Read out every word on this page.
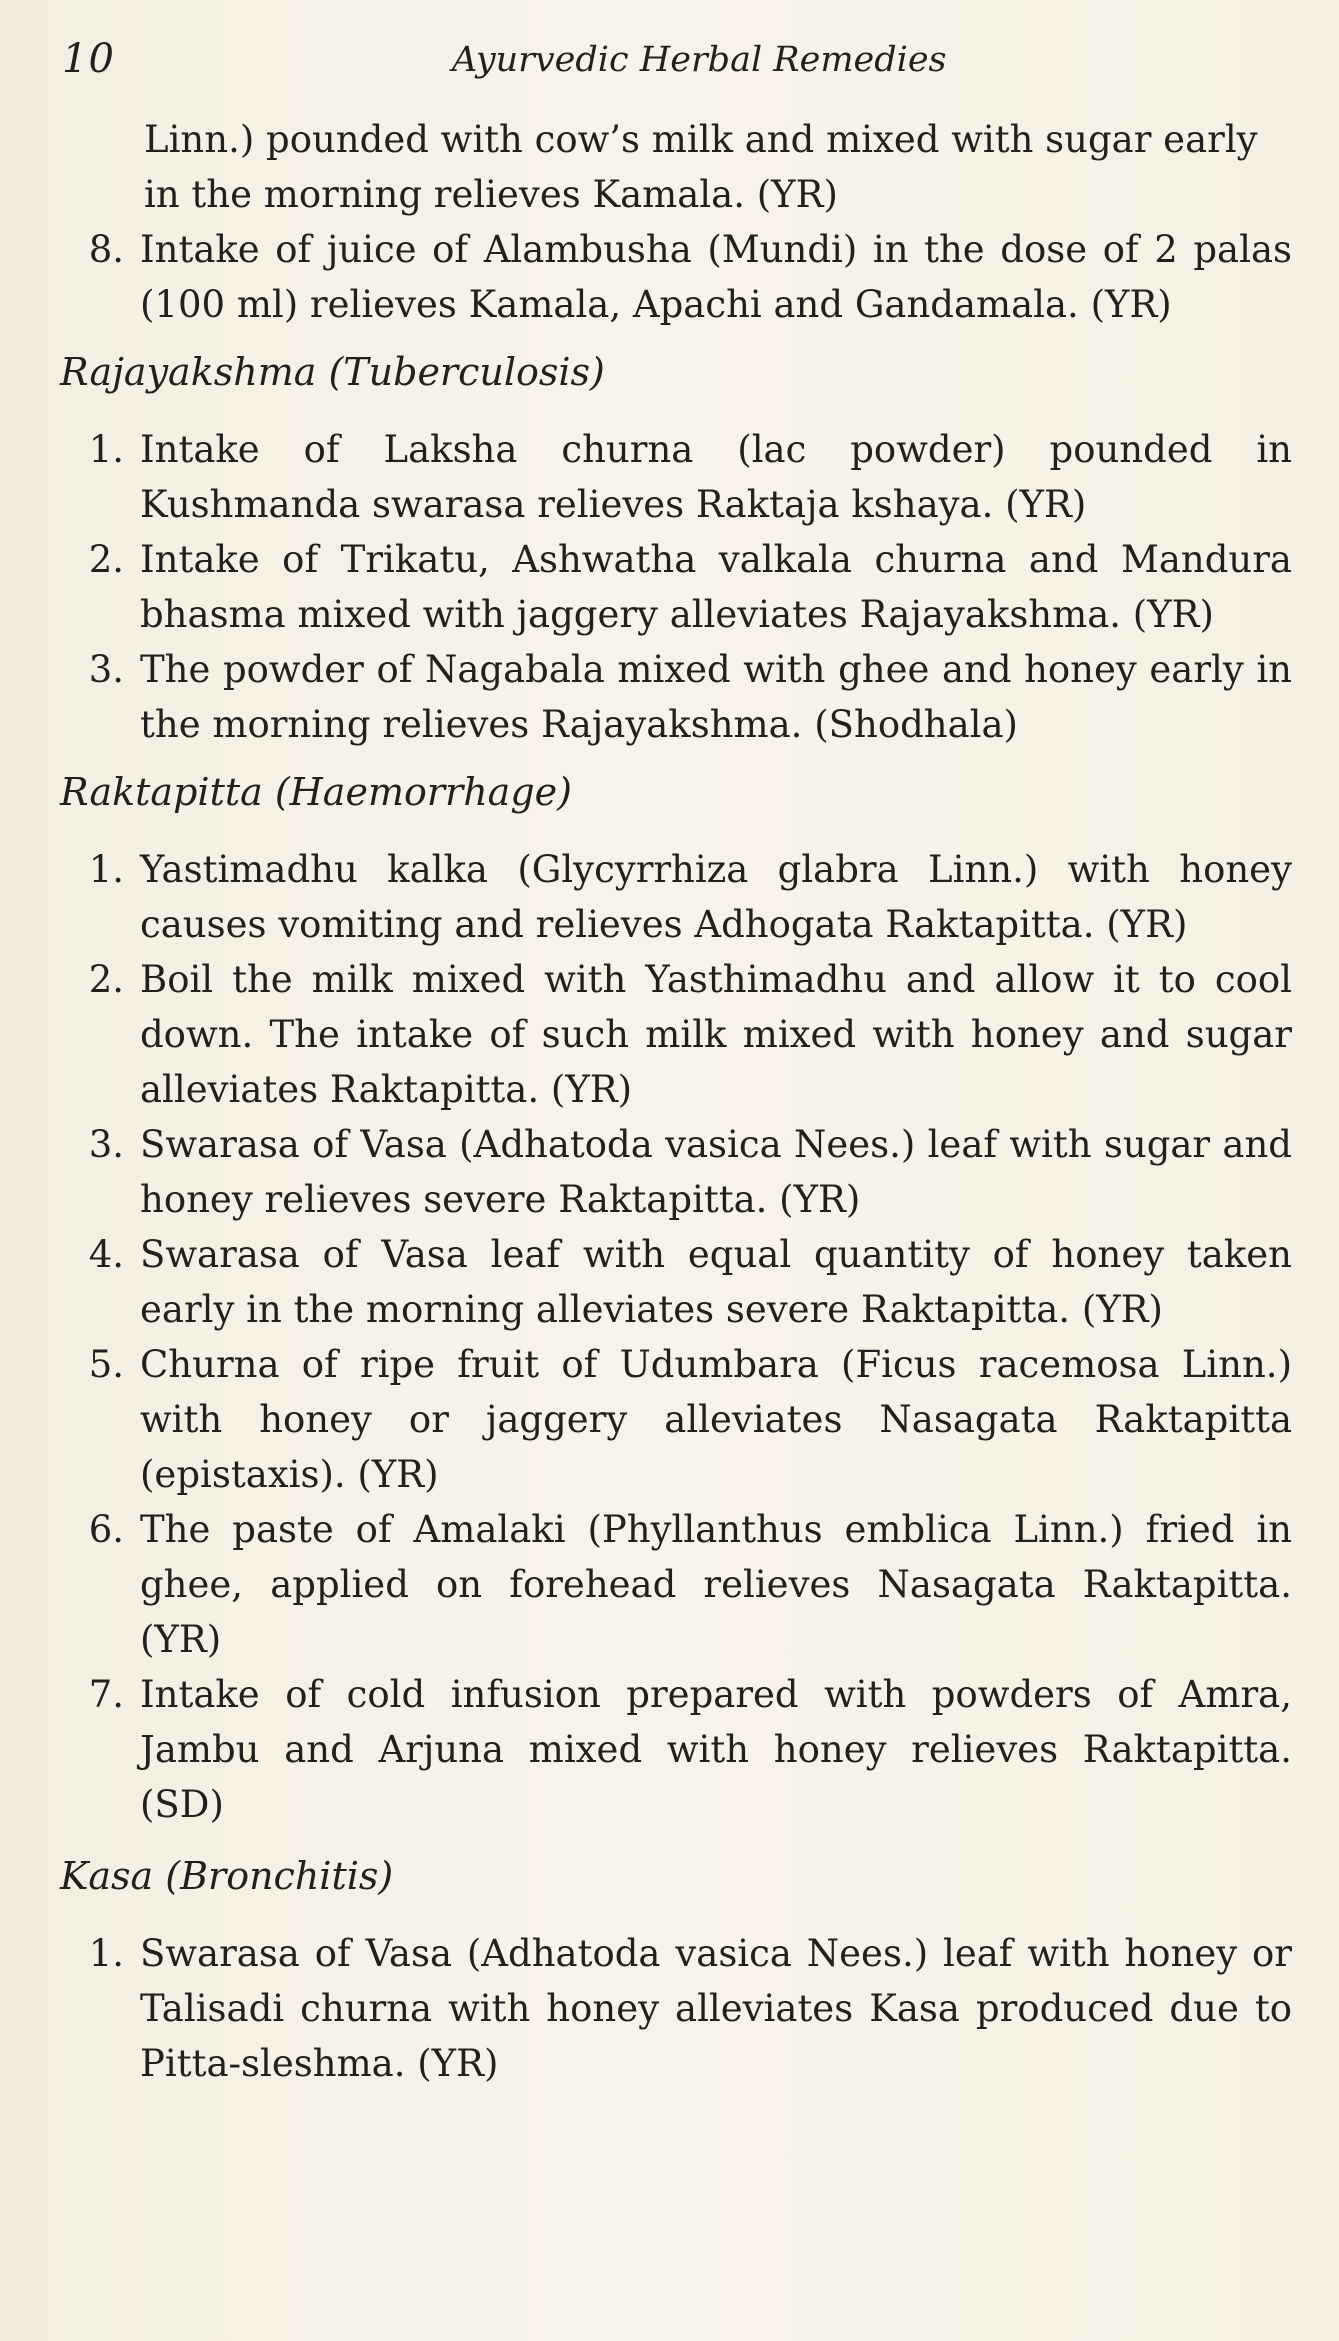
10	Ayurvedic Herbal Remedies

Linn.) pounded with cow’s milk and mixed with sugar early in the morning relieves Kamala. (YR)

8 . Intake of juice of Alambusha (Mundi) in the dose of 2 palas (100 ml) relieves Kamala, Apachi and Gandamala. (YR)

Rajayakshma (Tuberculosis)

1 . Intake of Laksha churna (lac powder) pounded in Kushmanda swarasa relieves Raktaja kshaya. (YR)

2 . Intake of Trikatu, Ashwatha valkala churna and Mandura bhasma mixed with jaggery alleviates Rajayakshma. (YR)

3 . The powder of Nagabala mixed with ghee and honey early in the morning relieves Rajayakshma. (Shodhala)

Raktapitta (Haemorrhage)

1 . Yastimadhu kalka (Glycyrrhiza glabra Linn.) with honey causes vomiting and relieves Adhogata Raktapitta. (YR)

2 . Boil the milk mixed with Yasthimadhu and allow it to cool down. The intake of such milk mixed with honey and sugar alleviates Raktapitta. (YR)

3 . Swarasa of Vasa (Adhatoda vasica Nees.) leaf with sugar and honey relieves severe Raktapitta. (YR)

4 . Swarasa of Vasa leaf with equal quantity of honey taken early in the morning alleviates severe Raktapitta. (YR)

5 . Churna of ripe fruit of Udumbara (Ficus racemosa Linn.) with honey or jaggery alleviates Nasagata Raktapitta (epistaxis). (YR)

6 . The paste of Amalaki (Phyllanthus emblica Linn.) fried in ghee, applied on forehead relieves Nasagata Raktapitta. (YR)

7 . Intake of cold infusion prepared with powders of Amra, Jambu and Arjuna mixed with honey relieves Raktapitta. (SD)

Kasa (Bronchitis)

1 . Swarasa of Vasa (Adhatoda vasica Nees.) leaf with honey or Talisadi churna with honey alleviates Kasa produced due to Pitta-sleshma. (YR)
